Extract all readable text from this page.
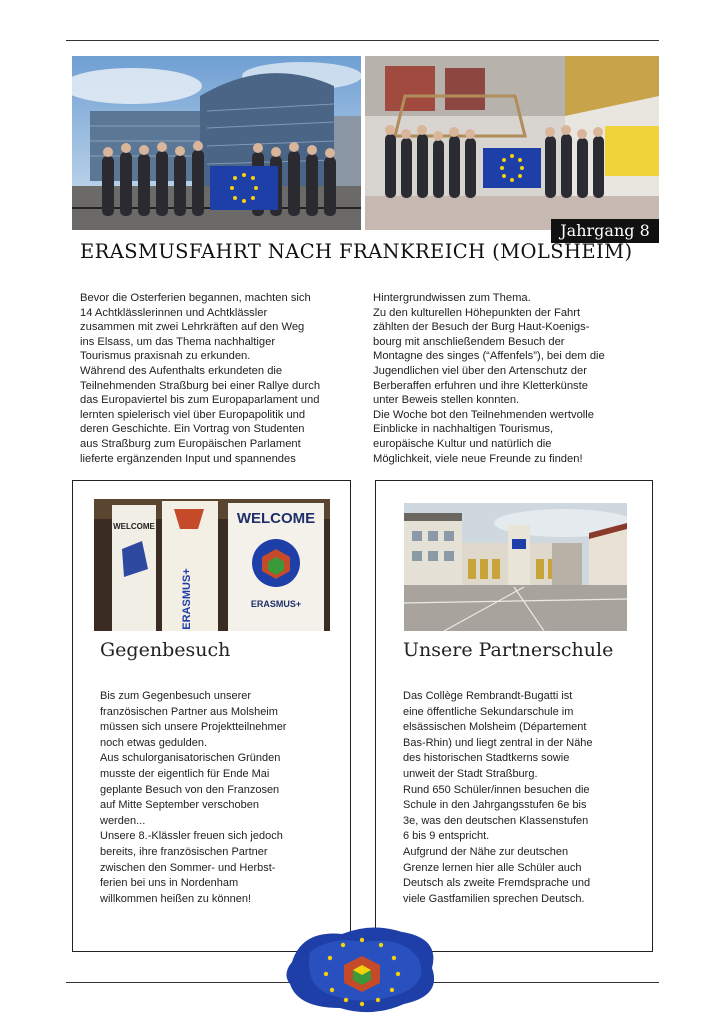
Jahrgang 8
ERASMUSFAHRT NACH FRANKREICH (MOLSHEIM)
Bevor die Osterferien begannen, machten sich
14 Achtklässlerinnen und Achtklässler
zusammen mit zwei Lehrkräften auf den Weg
ins Elsass, um das Thema nachhaltiger
Tourismus praxisnah zu erkunden.
Während des Aufenthalts erkundeten die
Teilnehmenden Straßburg bei einer Rallye durch
das Europaviertel bis zum Europaparlament und
lernten spielerisch viel über Europapolitik und
deren Geschichte. Ein Vortrag von Studenten
aus Straßburg zum Europäischen Parlament
lieferte ergänzenden Input und spannendes
Hintergrundwissen zum Thema.
Zu den kulturellen Höhepunkten der Fahrt
zählten der Besuch der Burg Haut-Koenigs-
bourg mit anschließendem Besuch der
Montagne des singes (“Affenfels”), bei dem die
Jugendlichen viel über den Artenschutz der
Berberaffen erfuhren und ihre Kletterkünste
unter Beweis stellen konnten.
Die Woche bot den Teilnehmenden wertvolle
Einblicke in nachhaltigen Tourismus,
europäische Kultur und natürlich die
Möglichkeit, viele neue Freunde zu finden!
WELCOME
ERASMUS+
WELCOME
ERASMUS+
Gegenbesuch
Bis zum Gegenbesuch unserer
französischen Partner aus Molsheim
müssen sich unsere Projektteilnehmer
noch etwas gedulden.
Aus schulorganisatorischen Gründen
musste der eigentlich für Ende Mai
geplante Besuch von den Franzosen
auf Mitte September verschoben
werden...
Unsere 8.-Klässler freuen sich jedoch
bereits, ihre französischen Partner
zwischen den Sommer- und Herbst-
ferien bei uns in Nordenham
willkommen heißen zu können!
Unsere Partnerschule
Das Collège Rembrandt-Bugatti ist
eine öffentliche Sekundarschule im
elsässischen Molsheim (Département
Bas-Rhin) und liegt zentral in der Nähe
des historischen Stadtkerns sowie
unweit der Stadt Straßburg.
Rund 650 Schüler/innen besuchen die
Schule in den Jahrgangsstufen 6e bis
3e, was den deutschen Klassenstufen
6 bis 9 entspricht.
Aufgrund der Nähe zur deutschen
Grenze lernen hier alle Schüler auch
Deutsch als zweite Fremdsprache und
viele Gastfamilien sprechen Deutsch.
